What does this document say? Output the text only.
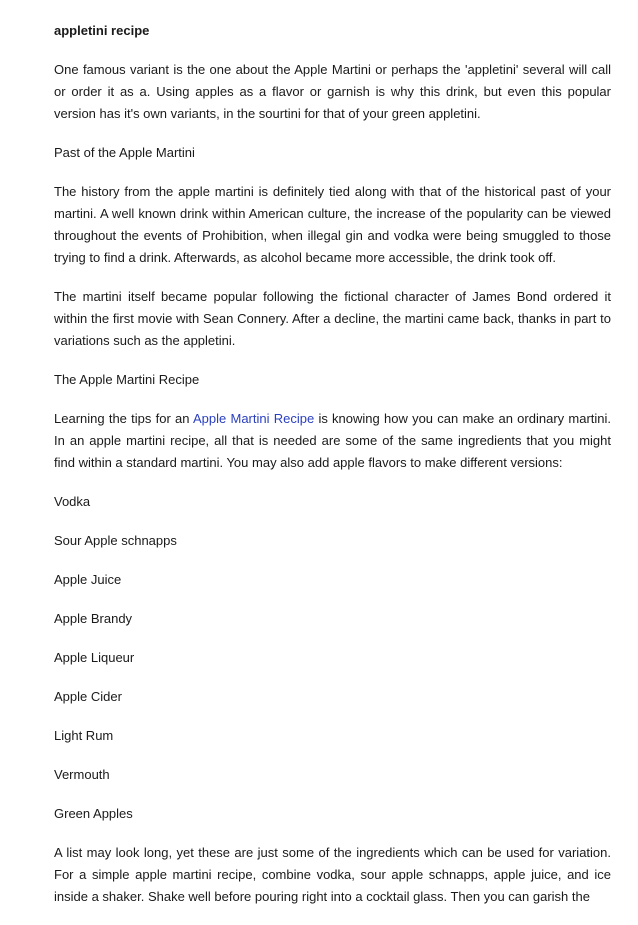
appletini recipe

One famous variant is the one about the Apple Martini or perhaps the 'appletini' several will call or order it as a. Using apples as a flavor or garnish is why this drink, but even this popular version has it's own variants, in the sourtini for that of your green appletini.

Past of the Apple Martini

The history from the apple martini is definitely tied along with that of the historical past of your martini. A well known drink within American culture, the increase of the popularity can be viewed throughout the events of Prohibition, when illegal gin and vodka were being smuggled to those trying to find a drink. Afterwards, as alcohol became more accessible, the drink took off.

The martini itself became popular following the fictional character of James Bond ordered it within the first movie with Sean Connery. After a decline, the martini came back, thanks in part to variations such as the appletini.

The Apple Martini Recipe

Learning the tips for an Apple Martini Recipe is knowing how you can make an ordinary martini. In an apple martini recipe, all that is needed are some of the same ingredients that you might find within a standard martini. You may also add apple flavors to make different versions:

Vodka

Sour Apple schnapps

Apple Juice

Apple Brandy

Apple Liqueur

Apple Cider

Light Rum

Vermouth

Green Apples

A list may look long, yet these are just some of the ingredients which can be used for variation. For a simple apple martini recipe, combine vodka, sour apple schnapps, apple juice, and ice inside a shaker. Shake well before pouring right into a cocktail glass. Then you can garish the
